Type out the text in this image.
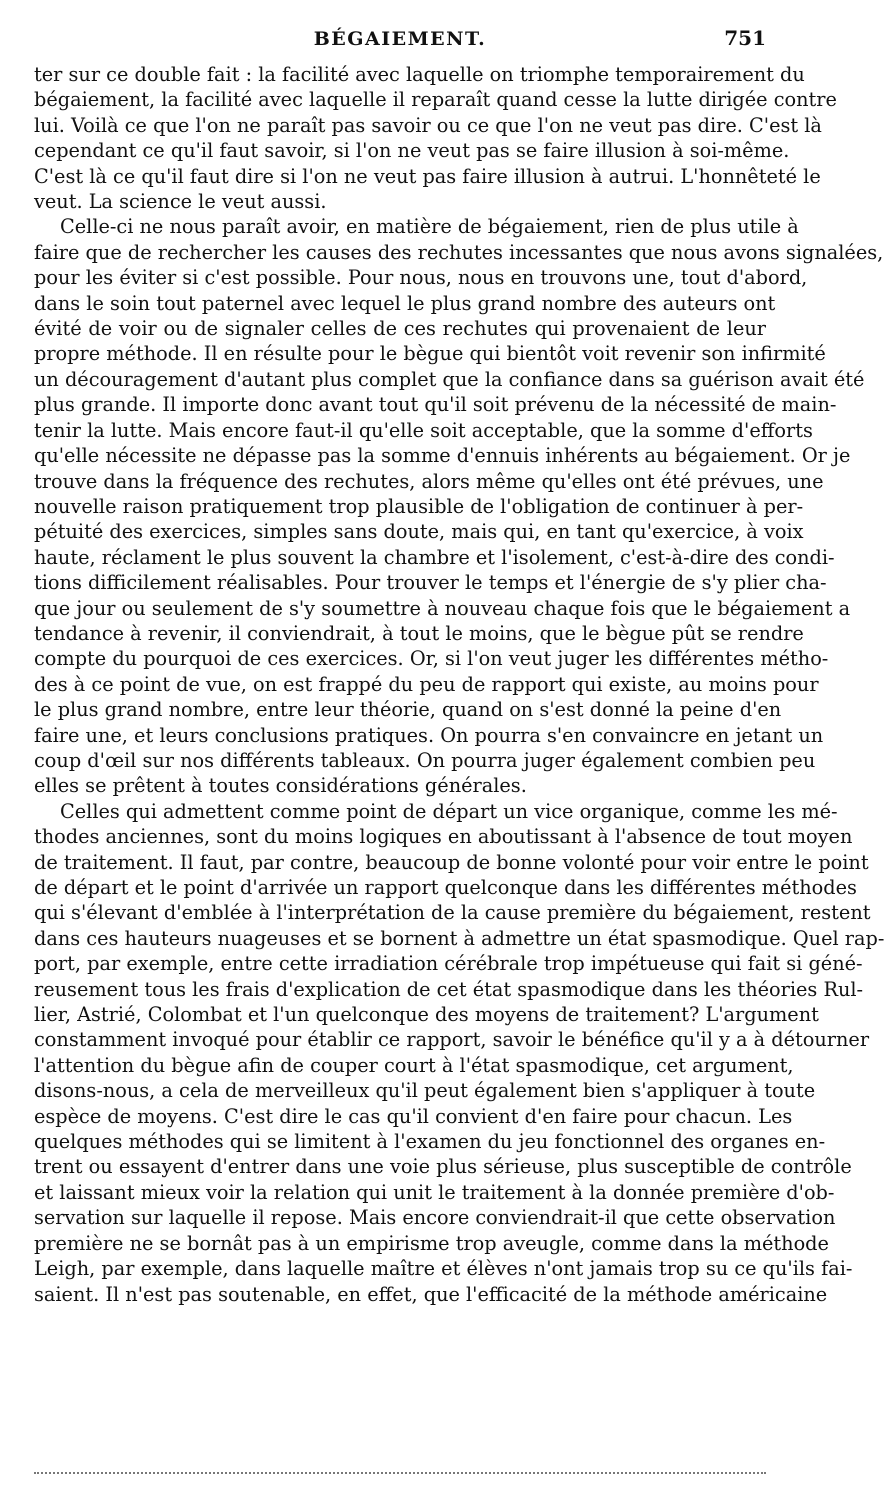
BÉGAIEMENT.	751

ter sur ce double fait : la facilité avec laquelle on triomphe temporairement du
bégaiement, la facilité avec laquelle il reparaît quand cesse la lutte dirigée contre
lui. Voilà ce que l'on ne paraît pas savoir ou ce que l'on ne veut pas dire. C'est là
cependant ce qu'il faut savoir, si l'on ne veut pas se faire illusion à soi-même.
C'est là ce qu'il faut dire si l'on ne veut pas faire illusion à autrui. L'honnêteté le
veut. La science le veut aussi.

Celle-ci ne nous paraît avoir, en matière de bégaiement, rien de plus utile à
faire que de rechercher les causes des rechutes incessantes que nous avons signalées,
pour les éviter si c'est possible. Pour nous, nous en trouvons une, tout d'abord,
dans le soin tout paternel avec lequel le plus grand nombre des auteurs ont
évité de voir ou de signaler celles de ces rechutes qui provenaient de leur
propre méthode. Il en résulte pour le bègue qui bientôt voit revenir son infirmité
un découragement d'autant plus complet que la confiance dans sa guérison avait été
plus grande. Il importe donc avant tout qu'il soit prévenu de la nécessité de main-
tenir la lutte. Mais encore faut-il qu'elle soit acceptable, que la somme d'efforts
qu'elle nécessite ne dépasse pas la somme d'ennuis inhérents au bégaiement. Or je
trouve dans la fréquence des rechutes, alors même qu'elles ont été prévues, une
nouvelle raison pratiquement trop plausible de l'obligation de continuer à per-
pétuité des exercices, simples sans doute, mais qui, en tant qu'exercice, à voix
haute, réclament le plus souvent la chambre et l'isolement, c'est-à-dire des condi-
tions difficilement réalisables. Pour trouver le temps et l'énergie de s'y plier cha-
que jour ou seulement de s'y soumettre à nouveau chaque fois que le bégaiement a
tendance à revenir, il conviendrait, à tout le moins, que le bègue pût se rendre
compte du pourquoi de ces exercices. Or, si l'on veut juger les différentes métho-
des à ce point de vue, on est frappé du peu de rapport qui existe, au moins pour
le plus grand nombre, entre leur théorie, quand on s'est donné la peine d'en
faire une, et leurs conclusions pratiques. On pourra s'en convaincre en jetant un
coup d'œil sur nos différents tableaux. On pourra juger également combien peu
elles se prêtent à toutes considérations générales.

Celles qui admettent comme point de départ un vice organique, comme les mé-
thodes anciennes, sont du moins logiques en aboutissant à l'absence de tout moyen
de traitement. Il faut, par contre, beaucoup de bonne volonté pour voir entre le point
de départ et le point d'arrivée un rapport quelconque dans les différentes méthodes
qui s'élevant d'emblée à l'interprétation de la cause première du bégaiement, restent
dans ces hauteurs nuageuses et se bornent à admettre un état spasmodique. Quel rap-
port, par exemple, entre cette irradiation cérébrale trop impétueuse qui fait si géné-
reusement tous les frais d'explication de cet état spasmodique dans les théories Rul-
lier, Astrié, Colombat et l'un quelconque des moyens de traitement? L'argument
constamment invoqué pour établir ce rapport, savoir le bénéfice qu'il y a à détourner
l'attention du bègue afin de couper court à l'état spasmodique, cet argument,
disons-nous, a cela de merveilleux qu'il peut également bien s'appliquer à toute
espèce de moyens. C'est dire le cas qu'il convient d'en faire pour chacun. Les
quelques méthodes qui se limitent à l'examen du jeu fonctionnel des organes en-
trent ou essayent d'entrer dans une voie plus sérieuse, plus susceptible de contrôle
et laissant mieux voir la relation qui unit le traitement à la donnée première d'ob-
servation sur laquelle il repose. Mais encore conviendrait-il que cette observation
première ne se bornât pas à un empirisme trop aveugle, comme dans la méthode
Leigh, par exemple, dans laquelle maître et élèves n'ont jamais trop su ce qu'ils fai-
saient. Il n'est pas soutenable, en effet, que l'efficacité de la méthode américaine
